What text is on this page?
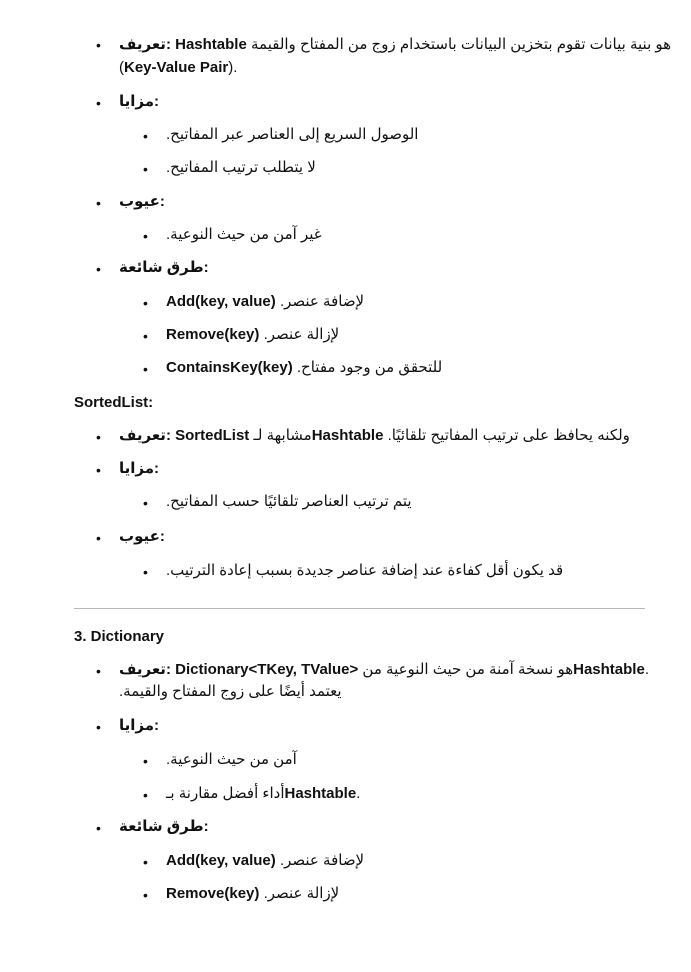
• تعريف: Hashtable هو بنية بيانات تقوم بتخزين البيانات باستخدام زوج من المفتاح والقيمة
(Key-Value Pair).
• مزايا:
• .الوصول السريع إلى العناصر عبر المفاتيح
• .لا يتطلب ترتيب المفاتيح
• عيوب:
• .غير آمن من حيث النوعية
• طرق شائعة:
• Add(key, value) .لإضافة عنصر
• Remove(key) .لإزالة عنصر
• ContainsKey(key) .للتحقق من وجود مفتاح
SortedList:
• تعريف: SortedList مشابهة لـHashtable .ولكنه يحافظ على ترتيب المفاتيح تلقائيًا
• مزايا:
• .يتم ترتيب العناصر تلقائيًا حسب المفاتيح
• عيوب:
• .قد يكون أقل كفاءة عند إضافة عناصر جديدة بسبب إعادة الترتيب
3. Dictionary
• تعريف: Dictionary<TKey, TValue> هو نسخة آمنة من حيث النوعية منHashtable.
.يعتمد أيضًا على زوج المفتاح والقيمة
• مزايا:
• .آمن من حيث النوعية
• أداء أفضل مقارنة بـHashtable.
• طرق شائعة:
• Add(key, value) .لإضافة عنصر
• Remove(key) .لإزالة عنصر
